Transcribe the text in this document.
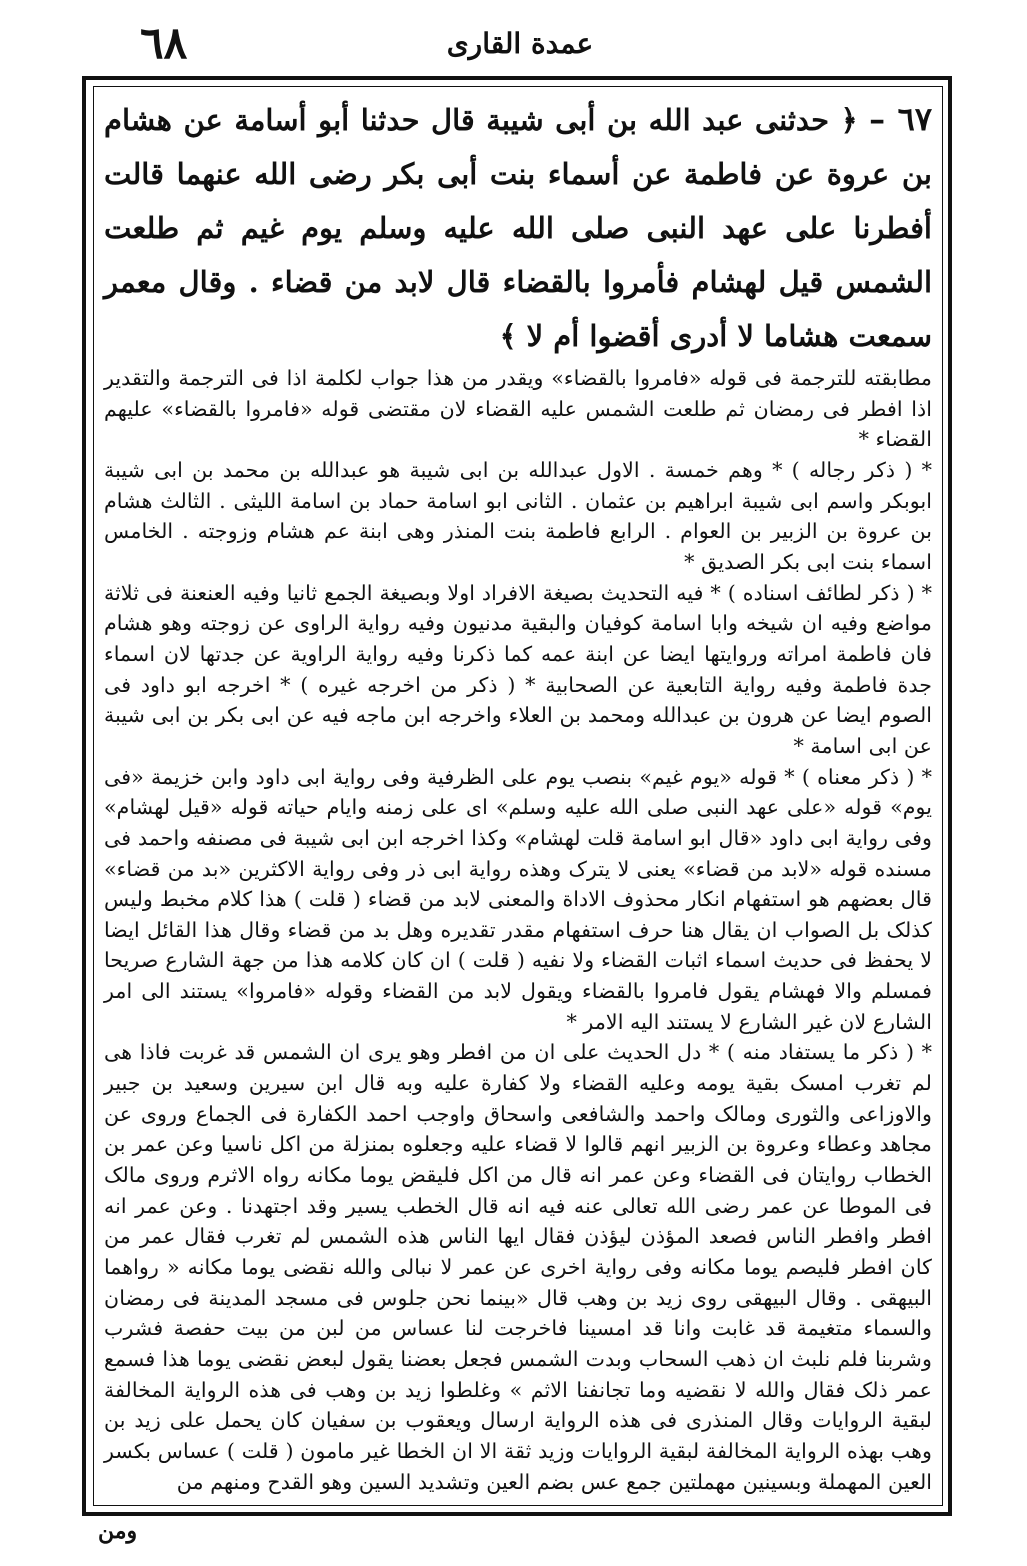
٦٨	عمدة القاری

٦٧ – ﴿ حدثنی عبد الله بن أبی شیبة قال حدثنا أبو أسامة عن هشام بن عروة عن فاطمة عن أسماء بنت أبی بکر رضی الله عنهما قالت أفطرنا علی عهد النبی صلی الله علیه وسلم یوم غیم ثم طلعت الشمس قیل لهشام فأمروا بالقضاء قال لابد من قضاء . وقال معمر سمعت هشاما لا أدری أقضوا أم لا ﴾

مطابقته للترجمة فی قوله «فامروا بالقضاء» ویقدر من هذا جواب لکلمة اذا فی الترجمة والتقدیر اذا افطر فی رمضان ثم طلعت الشمس علیه القضاء لان مقتضی قوله «فامروا بالقضاء» علیهم القضاء *

* ( ذکر رجاله ) * وهم خمسة . الاول عبدالله بن ابی شیبة هو عبدالله بن محمد بن ابی شیبة ابوبکر واسم ابی شیبة ابراهیم بن عثمان . الثانی ابو اسامة حماد بن اسامة اللیثی . الثالث هشام بن عروة بن الزبیر بن العوام . الرابع فاطمة بنت المنذر وهی ابنة عم هشام وزوجته . الخامس اسماء بنت ابی بکر الصدیق *

* ( ذکر لطائف اسناده ) * فیه التحدیث بصیغة الافراد اولا وبصیغة الجمع ثانیا وفیه العنعنة فی ثلاثة مواضع وفیه ان شیخه وابا اسامة کوفیان والبقیة مدنیون وفیه روایة الراوی عن زوجته وهو هشام فان فاطمة امراته وروایتها ایضا عن ابنة عمه کما ذکرنا وفیه روایة الراویة عن جدتها لان اسماء جدة فاطمة وفیه روایة التابعیة عن الصحابیة * ( ذکر من اخرجه غیره ) * اخرجه ابو داود فی الصوم ایضا عن هرون بن عبدالله ومحمد بن العلاء واخرجه ابن ماجه فیه عن ابی بکر بن ابی شیبة عن ابی اسامة *

* ( ذکر معناه ) * قوله «یوم غیم» بنصب یوم علی الظرفیة وفی روایة ابی داود وابن خزیمة «فی یوم» قوله «علی عهد النبی صلی الله علیه وسلم» ای علی زمنه وایام حیاته قوله «قیل لهشام» وفی روایة ابی داود «قال ابو اسامة قلت لهشام» وکذا اخرجه ابن ابی شیبة فی مصنفه واحمد فی مسنده قوله «لابد من قضاء» یعنی لا یترک وهذه روایة ابی ذر وفی روایة الاکثرین «بد من قضاء» قال بعضهم هو استفهام انکار محذوف الاداة والمعنی لابد من قضاء ( قلت ) هذا کلام مخبط ولیس کذلک بل الصواب ان یقال هنا حرف استفهام مقدر تقدیره وهل بد من قضاء وقال هذا القائل ایضا لا یحفظ فی حدیث اسماء اثبات القضاء ولا نفیه ( قلت ) ان کان کلامه هذا من جهة الشارع صریحا فمسلم والا فهشام یقول فامروا بالقضاء ویقول لابد من القضاء وقوله «فامروا» یستند الی امر الشارع لان غیر الشارع لا یستند الیه الامر *

* ( ذکر ما یستفاد منه ) * دل الحدیث علی ان من افطر وهو یری ان الشمس قد غربت فاذا هی لم تغرب امسک بقیة یومه وعلیه القضاء ولا کفارة علیه وبه قال ابن سیرین وسعید بن جبیر والاوزاعی والثوری ومالک واحمد والشافعی واسحاق واوجب احمد الکفارة فی الجماع وروی عن مجاهد وعطاء وعروة بن الزبیر انهم قالوا لا قضاء علیه وجعلوه بمنزلة من اکل ناسیا وعن عمر بن الخطاب روایتان فی القضاء وعن عمر انه قال من اکل فلیقض یوما مکانه رواه الاثرم وروی مالک فی الموطا عن عمر رضی الله تعالی عنه فیه انه قال الخطب یسیر وقد اجتهدنا . وعن عمر انه افطر وافطر الناس فصعد المؤذن لیؤذن فقال ایها الناس هذه الشمس لم تغرب فقال عمر من کان افطر فلیصم یوما مکانه وفی روایة اخری عن عمر لا نبالی والله نقضی یوما مکانه « رواهما البیهقی . وقال البیهقی روی زید بن وهب قال «بینما نحن جلوس فی مسجد المدینة فی رمضان والسماء متغیمة قد غابت وانا قد امسینا فاخرجت لنا عساس من لبن من بیت حفصة فشرب وشربنا فلم نلبث ان ذهب السحاب وبدت الشمس فجعل بعضنا یقول لبعض نقضی یوما هذا فسمع عمر ذلک فقال والله لا نقضیه وما تجانفنا الاثم » وغلطوا زید بن وهب فی هذه الروایة المخالفة لبقیة الروایات وقال المنذری فی هذه الروایة ارسال ویعقوب بن سفیان کان یحمل علی زید بن وهب بهذه الروایة المخالفة لبقیة الروایات وزید ثقة الا ان الخطا غیر مامون ( قلت ) عساس بکسر العین المهملة وبسینین مهملتین جمع عس بضم العین وتشدید السین وهو القدح ومنهم من

ومن
